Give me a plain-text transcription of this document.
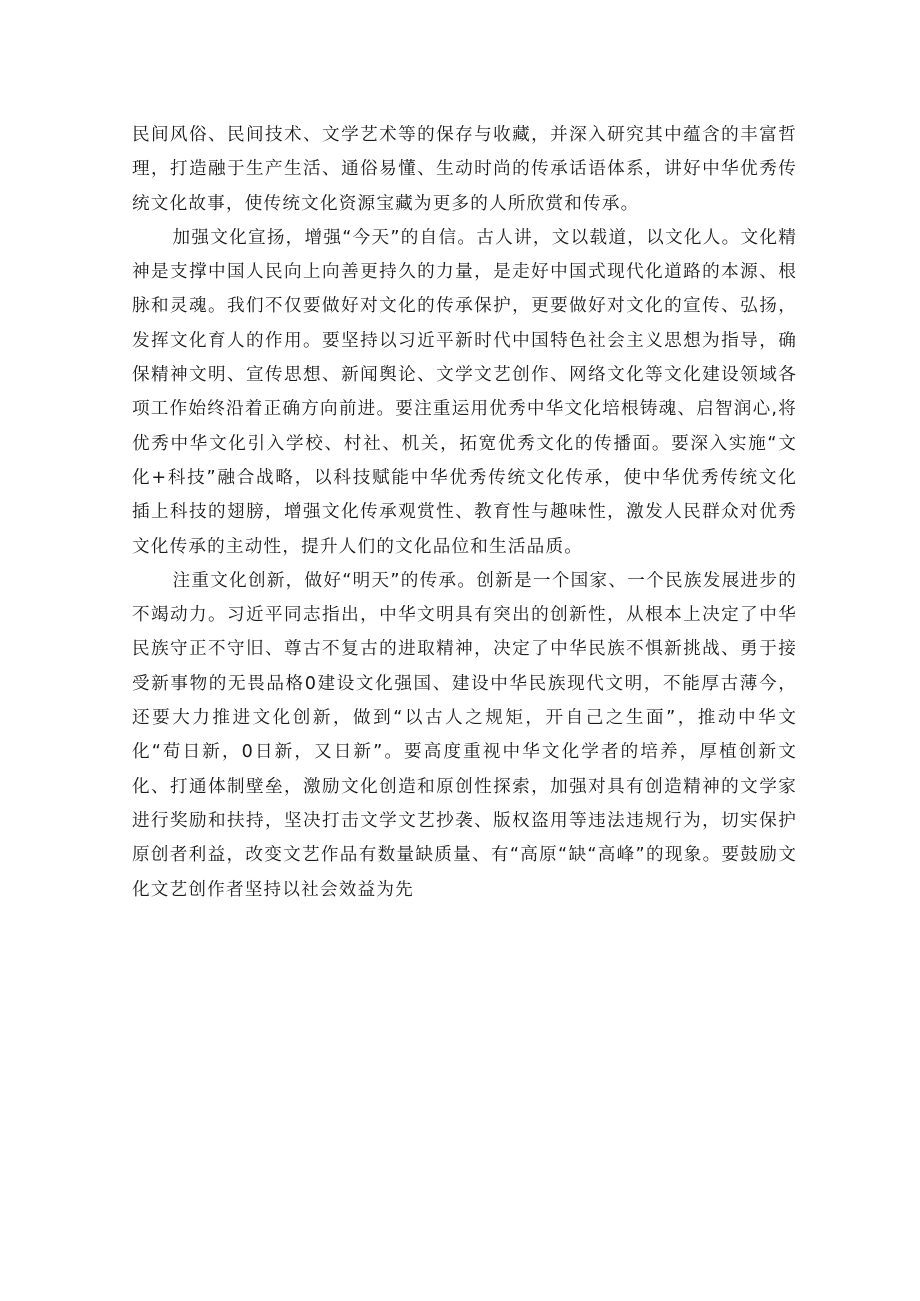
民间风俗、民间技术、文学艺术等的保存与收藏，并深入研究其中蕴含的丰富哲理，打造融于生产生活、通俗易懂、生动时尚的传承话语体系，讲好中华优秀传统文化故事，使传统文化资源宝藏为更多的人所欣赏和传承。

加强文化宣扬，增强“今天”的自信。古人讲，文以载道，以文化人。文化精神是支撑中国人民向上向善更持久的力量，是走好中国式现代化道路的本源、根脉和灵魂。我们不仅要做好对文化的传承保护，更要做好对文化的宣传、弘扬，发挥文化育人的作用。要坚持以习近平新时代中国特色社会主义思想为指导，确保精神文明、宣传思想、新闻舆论、文学文艺创作、网络文化等文化建设领域各项工作始终沿着正确方向前进。要注重运用优秀中华文化培根铸魂、启智润心,将优秀中华文化引入学校、村社、机关，拓宽优秀文化的传播面。要深入实施“文化+科技”融合战略，以科技赋能中华优秀传统文化传承，使中华优秀传统文化插上科技的翅膀，增强文化传承观赏性、教育性与趣味性，激发人民群众对优秀文化传承的主动性，提升人们的文化品位和生活品质。

注重文化创新，做好“明天”的传承。创新是一个国家、一个民族发展进步的不竭动力。习近平同志指出，中华文明具有突出的创新性，从根本上决定了中华民族守正不守旧、尊古不复古的进取精神，决定了中华民族不惧新挑战、勇于接受新事物的无畏品格0建设文化强国、建设中华民族现代文明，不能厚古薄今，还要大力推进文化创新，做到“以古人之规矩，开自己之生面”，推动中华文化“荀日新，0日新，又日新”。要高度重视中华文化学者的培养，厚植创新文化、打通体制壁垒，激励文化创造和原创性探索，加强对具有创造精神的文学家进行奖励和扶持，坚决打击文学文艺抄袭、版权盗用等违法违规行为，切实保护原创者利益，改变文艺作品有数量缺质量、有“高原“缺“高峰”的现象。要鼓励文化文艺创作者坚持以社会效益为先
